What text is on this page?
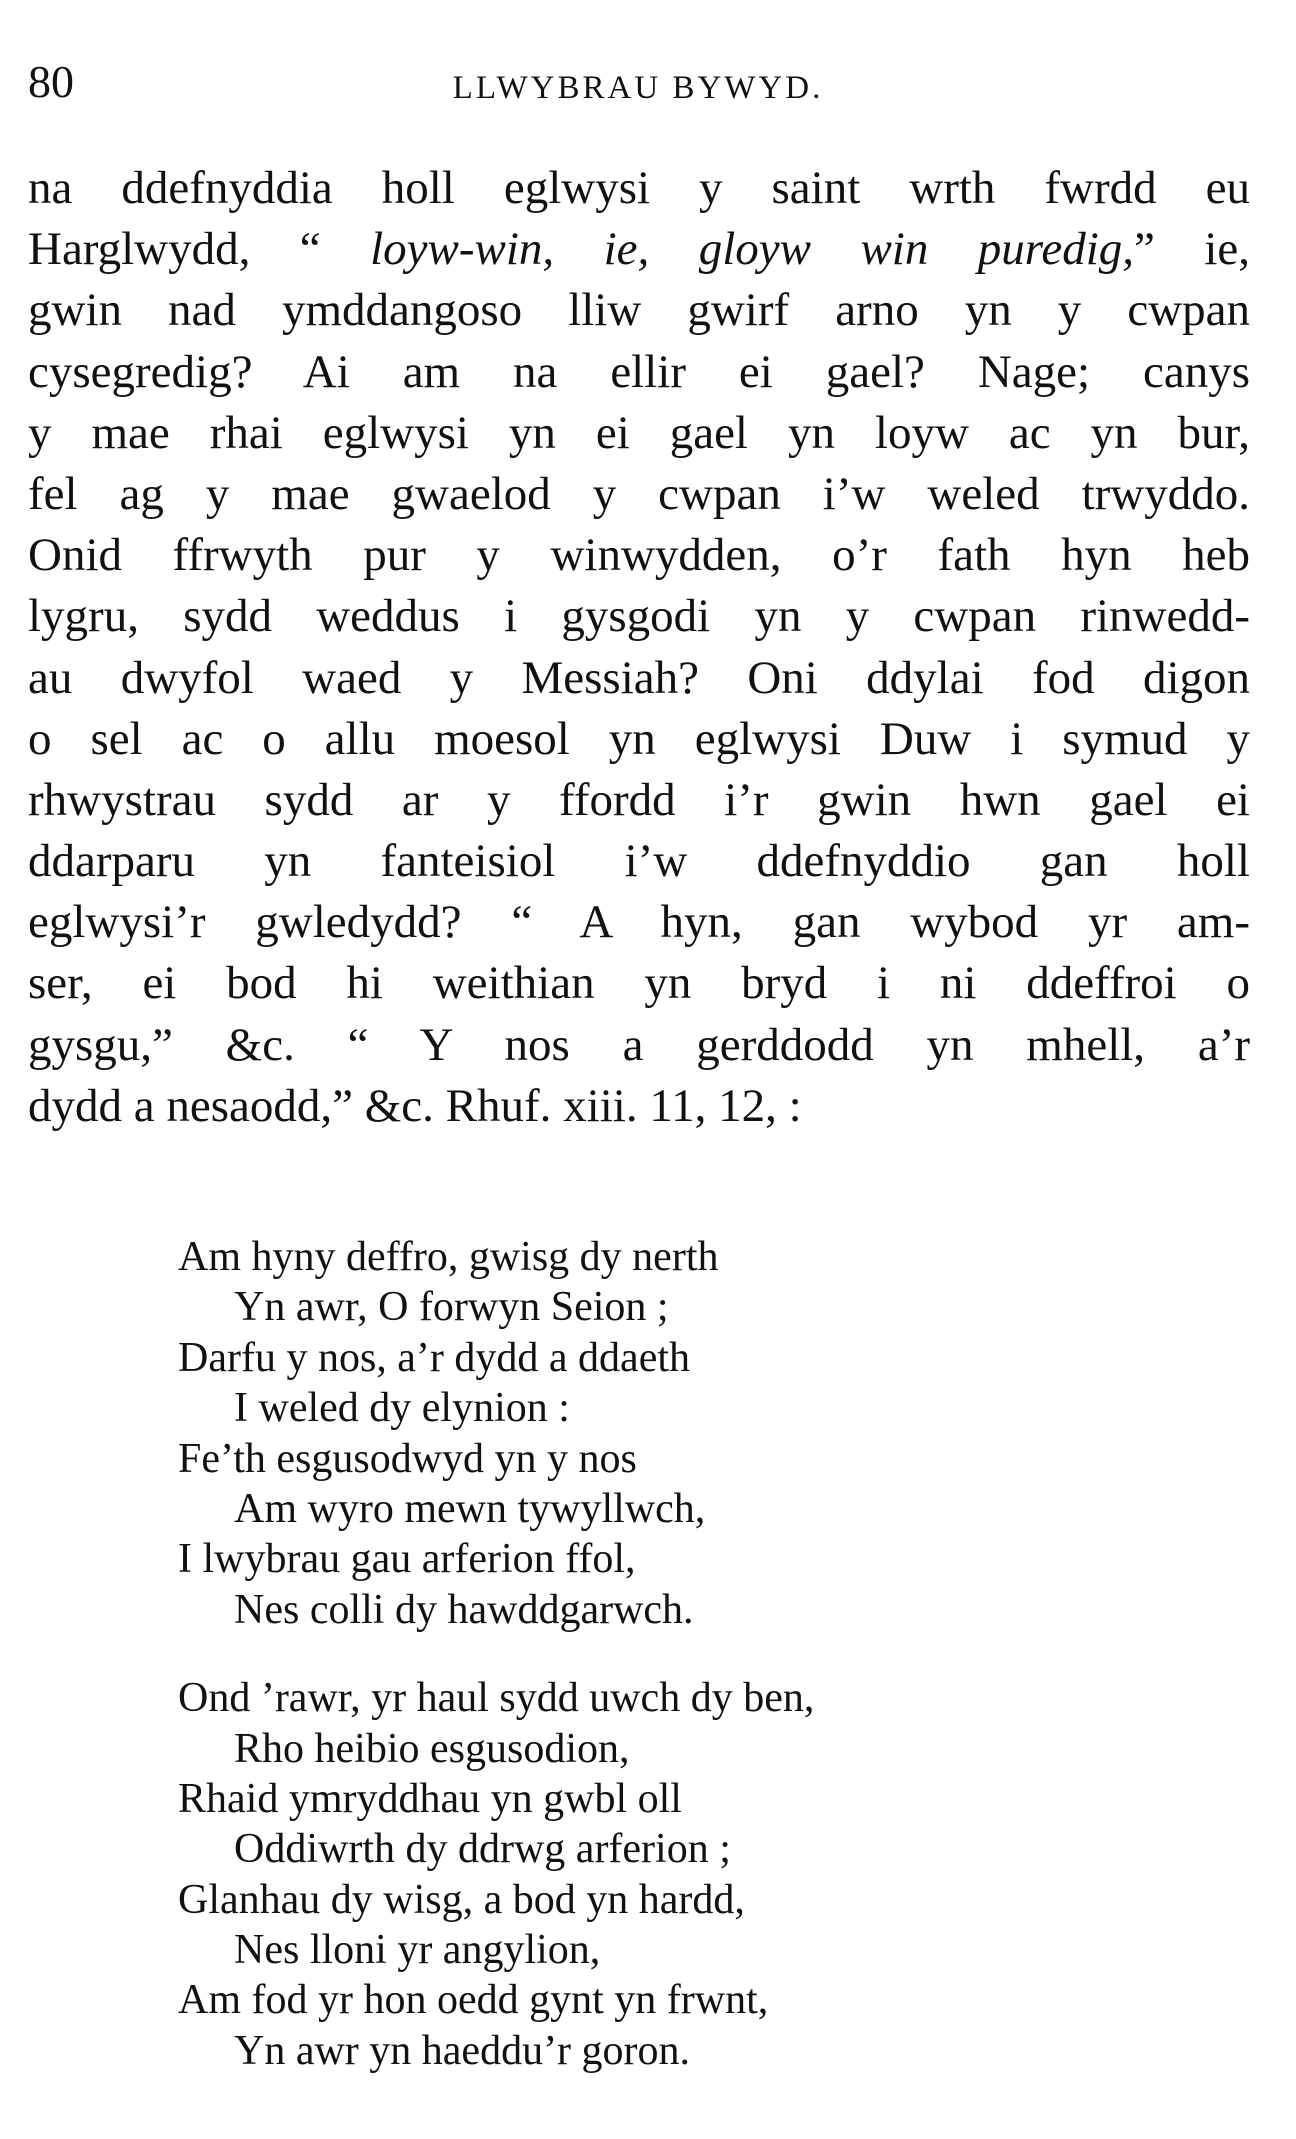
80	LLWYBRAU BYWYD.
na ddefnyddia holl eglwysi y saint wrth fwrdd eu
Harglwydd, “ loyw-win, ie, gloyw win puredig,” ie,
gwin nad ymddangoso lliw gwirf arno yn y cwpan
cysegredig? Ai am na ellir ei gael? Nage; canys
y mae rhai eglwysi yn ei gael yn loyw ac yn bur,
fel ag y mae gwaelod y cwpan i’w weled trwyddo.
Onid ffrwyth pur y winwydden, o’r fath hyn heb
lygru, sydd weddus i gysgodi yn y cwpan rinwedd-
au dwyfol waed y Messiah? Oni ddylai fod digon
o sel ac o allu moesol yn eglwysi Duw i symud y
rhwystrau sydd ar y ffordd i’r gwin hwn gael ei
ddarparu yn fanteisiol i’w ddefnyddio gan holl
eglwysi’r gwledydd? “ A hyn, gan wybod yr am-
ser, ei bod hi weithian yn bryd i ni ddeffroi o
gysgu,” &c. “ Y nos a gerddodd yn mhell, a’r
dydd a nesaodd,” &c. Rhuf. xiii. 11, 12, :
Am hyny deffro, gwisg dy nerth
Yn awr, O forwyn Seion ;
Darfu y nos, a’r dydd a ddaeth
I weled dy elynion :
Fe’th esgusodwyd yn y nos
Am wyro mewn tywyllwch,
I lwybrau gau arferion ffol,
Nes colli dy hawddgarwch.
Ond ’rawr, yr haul sydd uwch dy ben,
Rho heibio esgusodion,
Rhaid ymryddhau yn gwbl oll
Oddiwrth dy ddrwg arferion ;
Glanhau dy wisg, a bod yn hardd,
Nes lloni yr angylion,
Am fod yr hon oedd gynt yn frwnt,
Yn awr yn haeddu’r goron.
